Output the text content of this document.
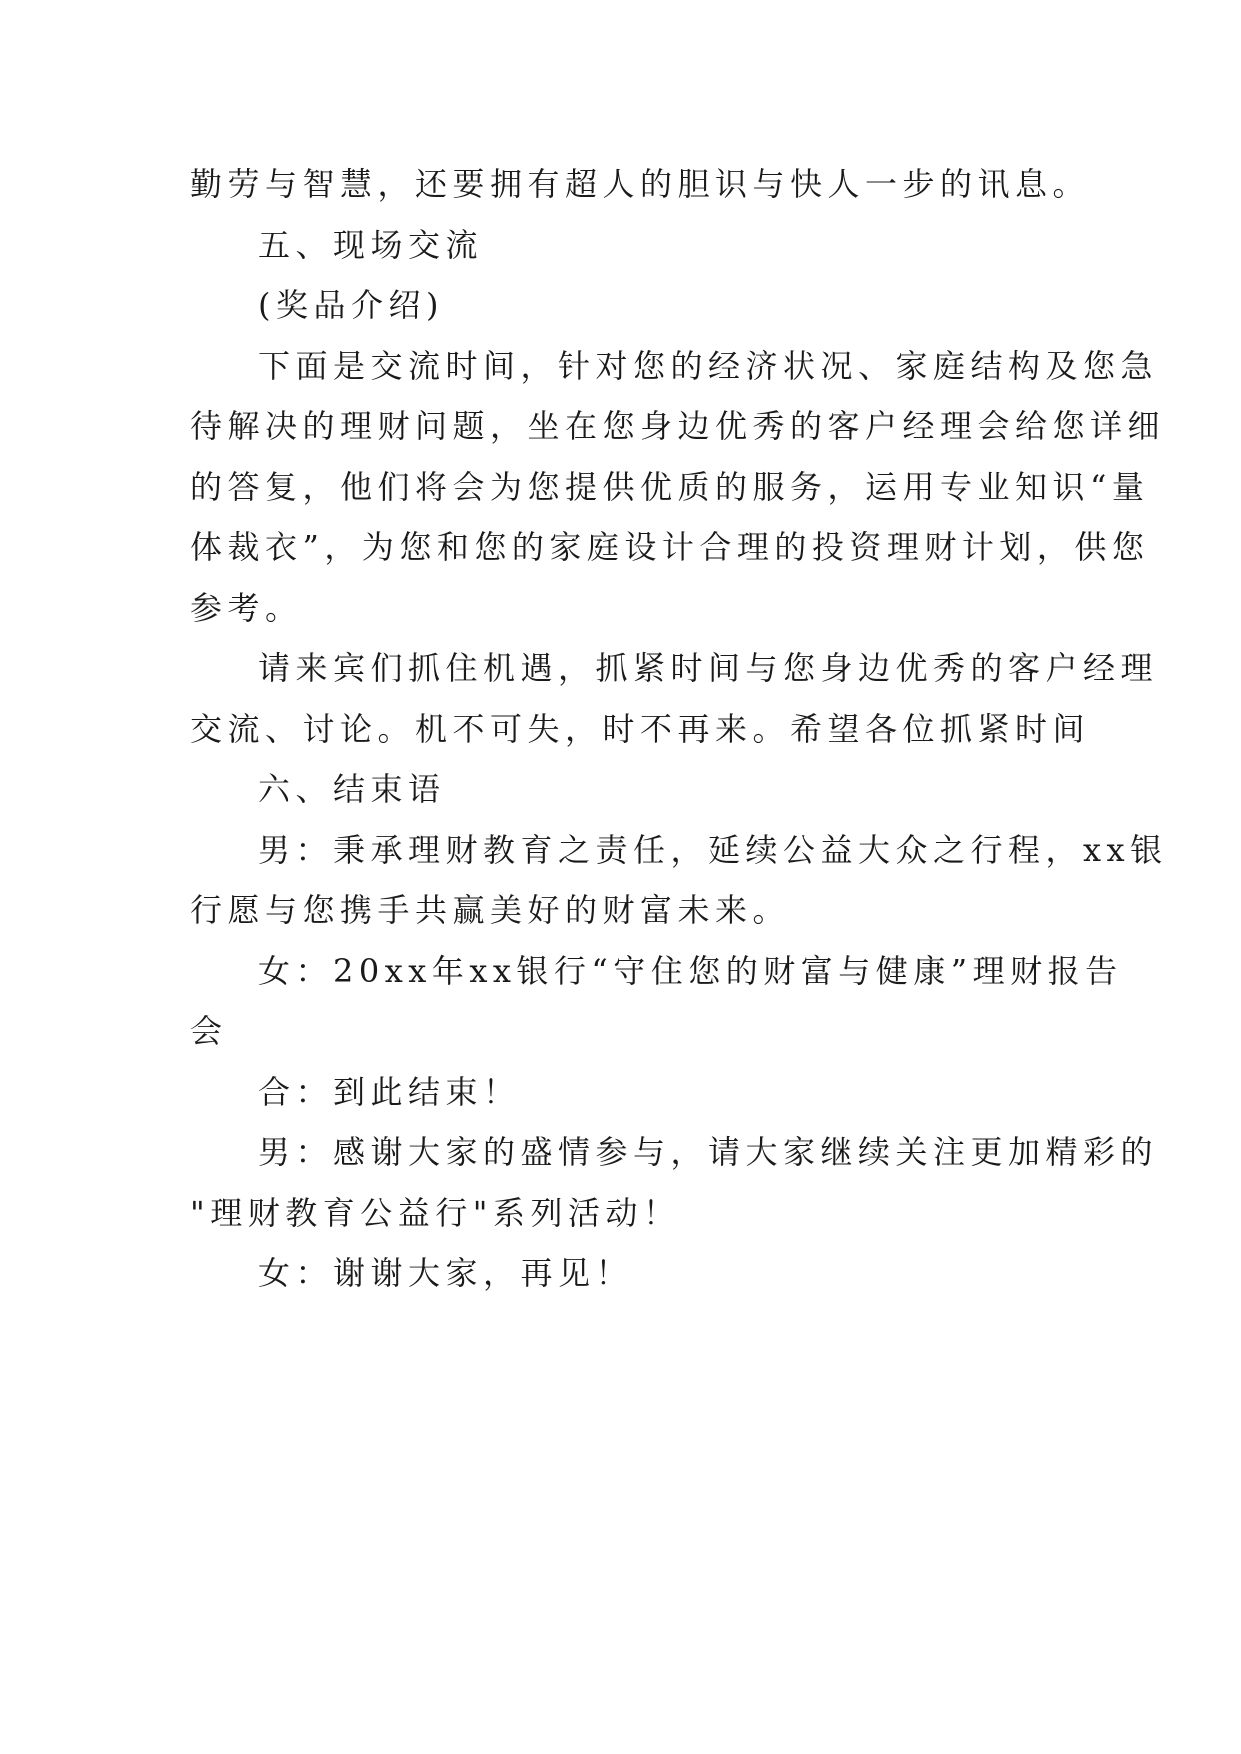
勤劳与智慧，还要拥有超人的胆识与快人一步的讯息。
五、现场交流
(奖品介绍)
下面是交流时间，针对您的经济状况、家庭结构及您急
待解决的理财问题，坐在您身边优秀的客户经理会给您详细
的答复，他们将会为您提供优质的服务，运用专业知识“量
体裁衣”，为您和您的家庭设计合理的投资理财计划，供您
参考。
请来宾们抓住机遇，抓紧时间与您身边优秀的客户经理
交流、讨论。机不可失，时不再来。希望各位抓紧时间
六、结束语
男：秉承理财教育之责任，延续公益大众之行程，xx银
行愿与您携手共赢美好的财富未来。
女：20xx年xx银行“守住您的财富与健康”理财报告
会
合：到此结束！
男：感谢大家的盛情参与，请大家继续关注更加精彩的
"理财教育公益行"系列活动！
女：谢谢大家，再见！
